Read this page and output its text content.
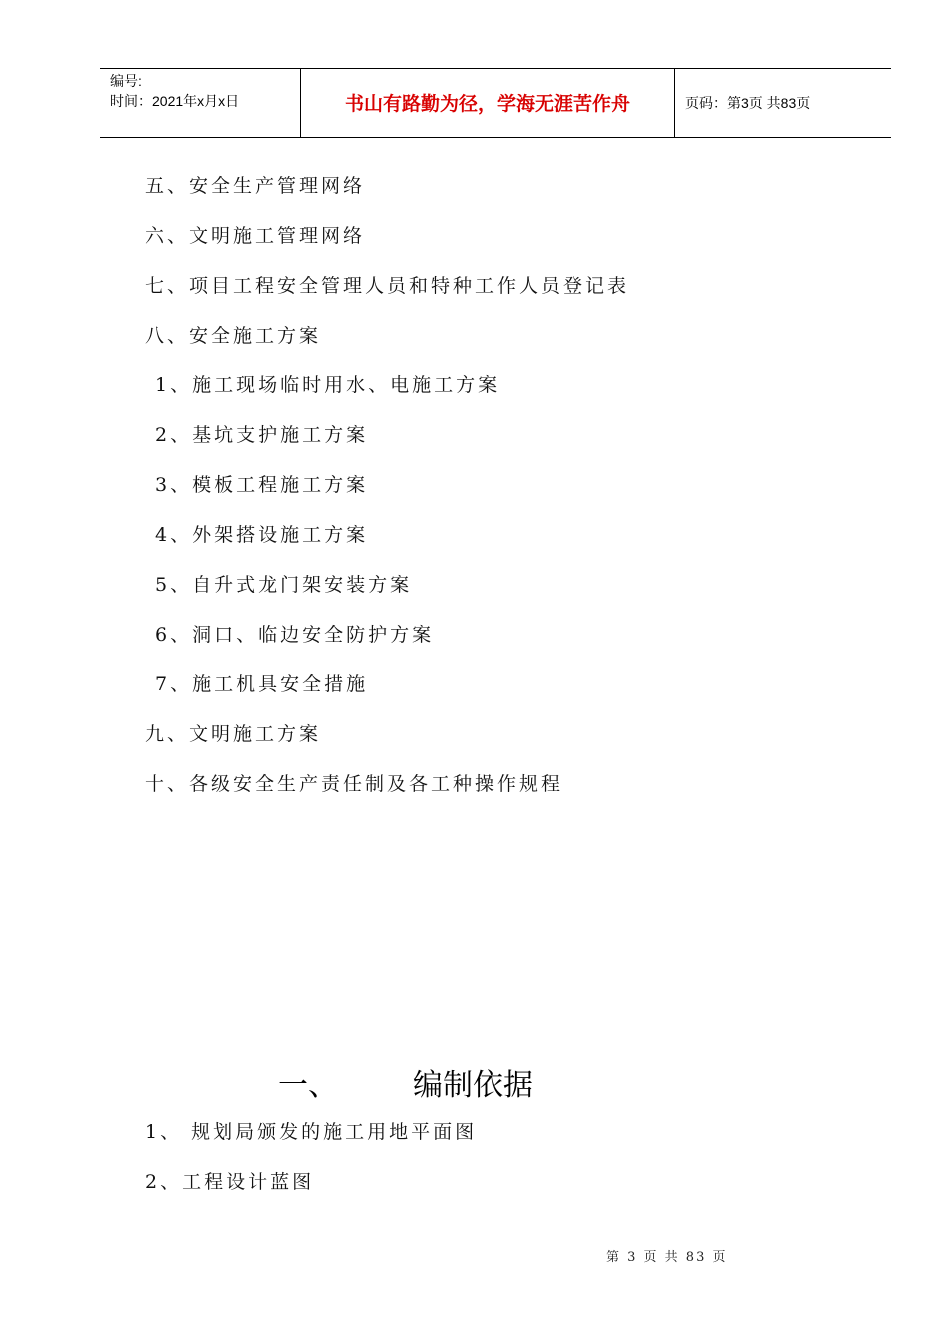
编号:
时间：2021年x月x日	书山有路勤为径，学海无涯苦作舟	页码：第3页 共83页
五、安全生产管理网络
六、文明施工管理网络
七、项目工程安全管理人员和特种工作人员登记表
八、安全施工方案
1、施工现场临时用水、电施工方案
2、基坑支护施工方案
3、模板工程施工方案
4、外架搭设施工方案
5、自升式龙门架安装方案
6、洞口、临边安全防护方案
7、施工机具安全措施
九、文明施工方案
十、各级安全生产责任制及各工种操作规程
一、	编制依据
1、 规划局颁发的施工用地平面图
2、工程设计蓝图
第 3 页 共 83 页
